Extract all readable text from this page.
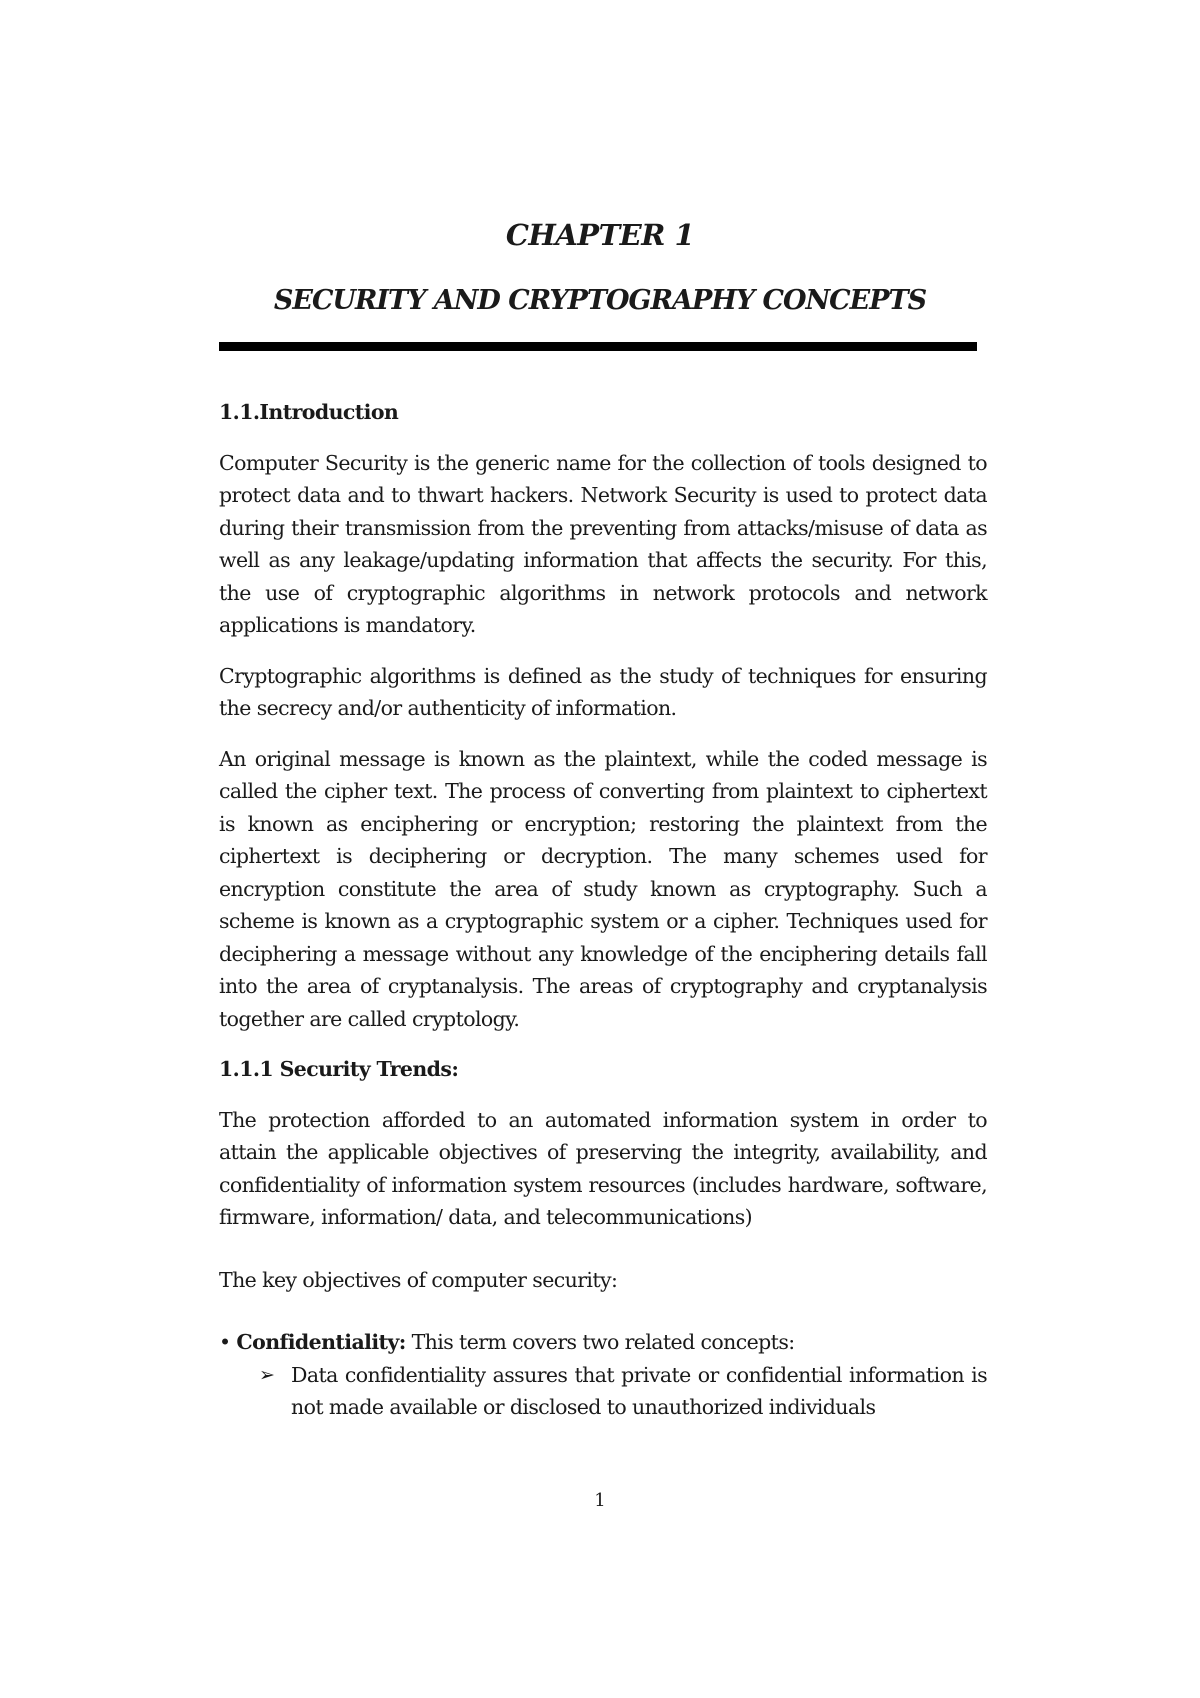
CHAPTER 1
SECURITY AND CRYPTOGRAPHY CONCEPTS

1.1.Introduction

Computer Security is the generic name for the collection of tools designed to protect data and to thwart hackers. Network Security is used to protect data during their transmission from the preventing from attacks/misuse of data as well as any leakage/updating information that affects the security. For this, the use of cryptographic algorithms in network protocols and network applications is mandatory.

Cryptographic algorithms is defined as the study of techniques for ensuring the secrecy and/or authenticity of information.

An original message is known as the plaintext, while the coded message is called the cipher text. The process of converting from plaintext to ciphertext is known as enciphering or encryption; restoring the plaintext from the ciphertext is deciphering or decryption. The many schemes used for encryption constitute the area of study known as cryptography. Such a scheme is known as a cryptographic system or a cipher. Techniques used for deciphering a message without any knowledge of the enciphering details fall into the area of cryptanalysis. The areas of cryptography and cryptanalysis together are called cryptology.

1.1.1 Security Trends:

The protection afforded to an automated information system in order to attain the applicable objectives of preserving the integrity, availability, and confidentiality of information system resources (includes hardware, software, firmware, information/ data, and telecommunications)

The key objectives of computer security:

• Confidentiality: This term covers two related concepts:

➢ Data confidentiality assures that private or confidential information is not made available or disclosed to unauthorized individuals
1
